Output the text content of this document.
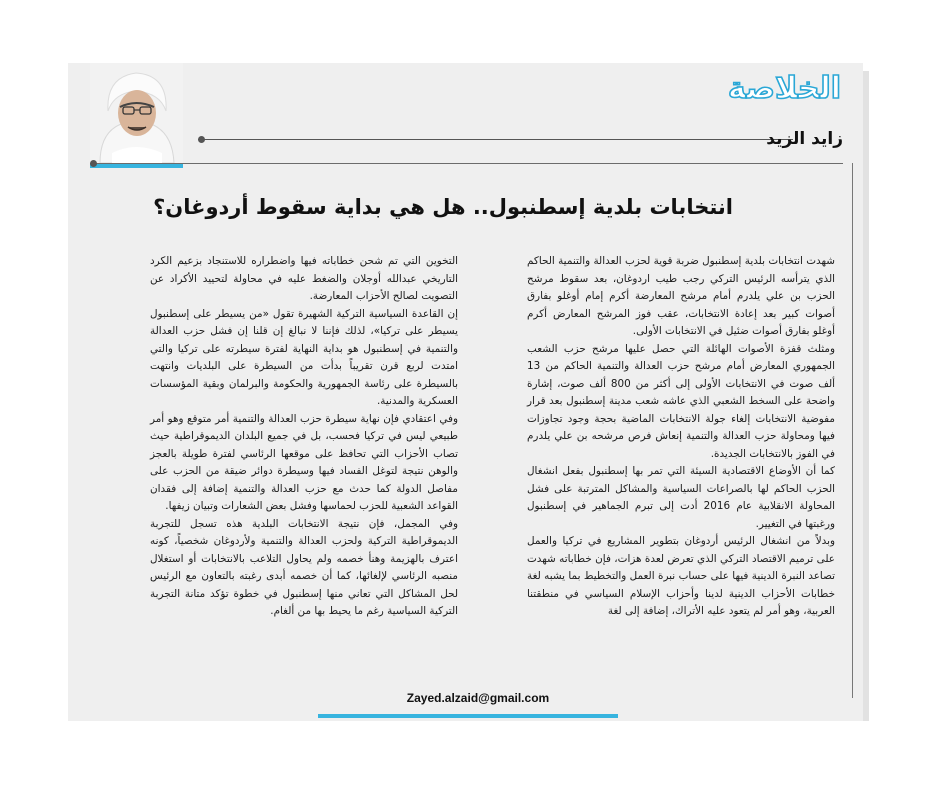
الخلاصة
زايد الزيد
انتخابات بلدية إسطنبول.. هل هي بداية سقوط أردوغان؟

شهدت انتخابات بلدية إسطنبول ضربة قوية لحزب العدالة والتنمية الحاكم الذي يترأسه الرئيس التركي رجب طيب اردوغان، بعد سقوط مرشح الحزب بن علي يلدرم أمام مرشح المعارضة أكرم إمام أوغلو بفارق أصوات كبير بعد إعادة الانتخابات، عقب فوز المرشح المعارض أكرم أوغلو بفارق أصوات ضئيل في الانتخابات الأولى.

ومثلث قفزة الأصوات الهائلة التي حصل عليها مرشح حزب الشعب الجمهوري المعارض أمام مرشح حزب العدالة والتنمية الحاكم من 13 ألف صوت في الانتخابات الأولى إلى أكثر من 800 ألف صوت، إشارة واضحة على السخط الشعبي الذي عاشه شعب مدينة إسطنبول بعد قرار مفوضية الانتخابات إلغاء جولة الانتخابات الماضية بحجة وجود تجاوزات فيها ومحاولة حزب العدالة والتنمية إنعاش فرص مرشحه بن علي يلدرم في الفوز بالانتخابات الجديدة.

كما أن الأوضاع الاقتصادية السيئة التي تمر بها إسطنبول بفعل انشغال الحزب الحاكم لها بالصراعات السياسية والمشاكل المترتبة على فشل المحاولة الانقلابية عام 2016 أدت إلى تبرم الجماهير في إسطنبول ورغبتها في التغيير.

وبدلاً من انشغال الرئيس أردوغان بتطوير المشاريع في تركيا والعمل على ترميم الاقتصاد التركي الذي تعرض لعدة هزات، فإن خطاباته شهدت تصاعد النبرة الدينية فيها على حساب نبرة العمل والتخطيط بما يشبه لغة خطابات الأحزاب الدينية لدينا وأحزاب الإسلام السياسي في منطقتنا العربية، وهو أمر لم يتعود عليه الأتراك، إضافة إلى لغة

التخوين التي تم شحن خطاباته فيها واضطراره للاستنجاد بزعيم الكرد التاريخي عبدالله أوجلان والضغط عليه في محاولة لتحييد الأكراد عن التصويت لصالح الأحزاب المعارضة.

إن القاعدة السياسية التركية الشهيرة تقول «من يسيطر على إسطنبول يسيطر على تركيا»، لذلك فإننا لا نبالغ إن قلنا إن فشل حزب العدالة والتنمية في إسطنبول هو بداية النهاية لفترة سيطرته على تركيا والتي امتدت لربع قرن تقريباً بدأت من السيطرة على البلديات وانتهت بالسيطرة على رئاسة الجمهورية والحكومة والبرلمان وبقية المؤسسات العسكرية والمدنية.

وفي اعتقادي فإن نهاية سيطرة حزب العدالة والتنمية أمر متوقع وهو أمر طبيعي ليس في تركيا فحسب، بل في جميع البلدان الديموقراطية حيث تصاب الأحزاب التي تحافظ على موقعها الرئاسي لفترة طويلة بالعجز والوهن نتيجة لتوغل الفساد فيها وسيطرة دوائر ضيقة من الحزب على مفاصل الدولة كما حدث مع حزب العدالة والتنمية إضافة إلى فقدان القواعد الشعبية للحزب لحماسها وفشل بعض الشعارات وتبيان زيفها.

وفي المجمل، فإن نتيجة الانتخابات البلدية هذه تسجل للتجربة الديموقراطية التركية ولحزب العدالة والتنمية ولأردوغان شخصياً، كونه اعترف بالهزيمة وهنأ خصمه ولم يحاول التلاعب بالانتخابات أو استغلال منصبه الرئاسي لإلغائها، كما أن خصمه أبدى رغبته بالتعاون مع الرئيس لحل المشاكل التي تعاني منها إسطنبول في خطوة تؤكد متانة التجربة التركية السياسية رغم ما يحيط بها من ألغام.

Zayed.alzaid@gmail.com
